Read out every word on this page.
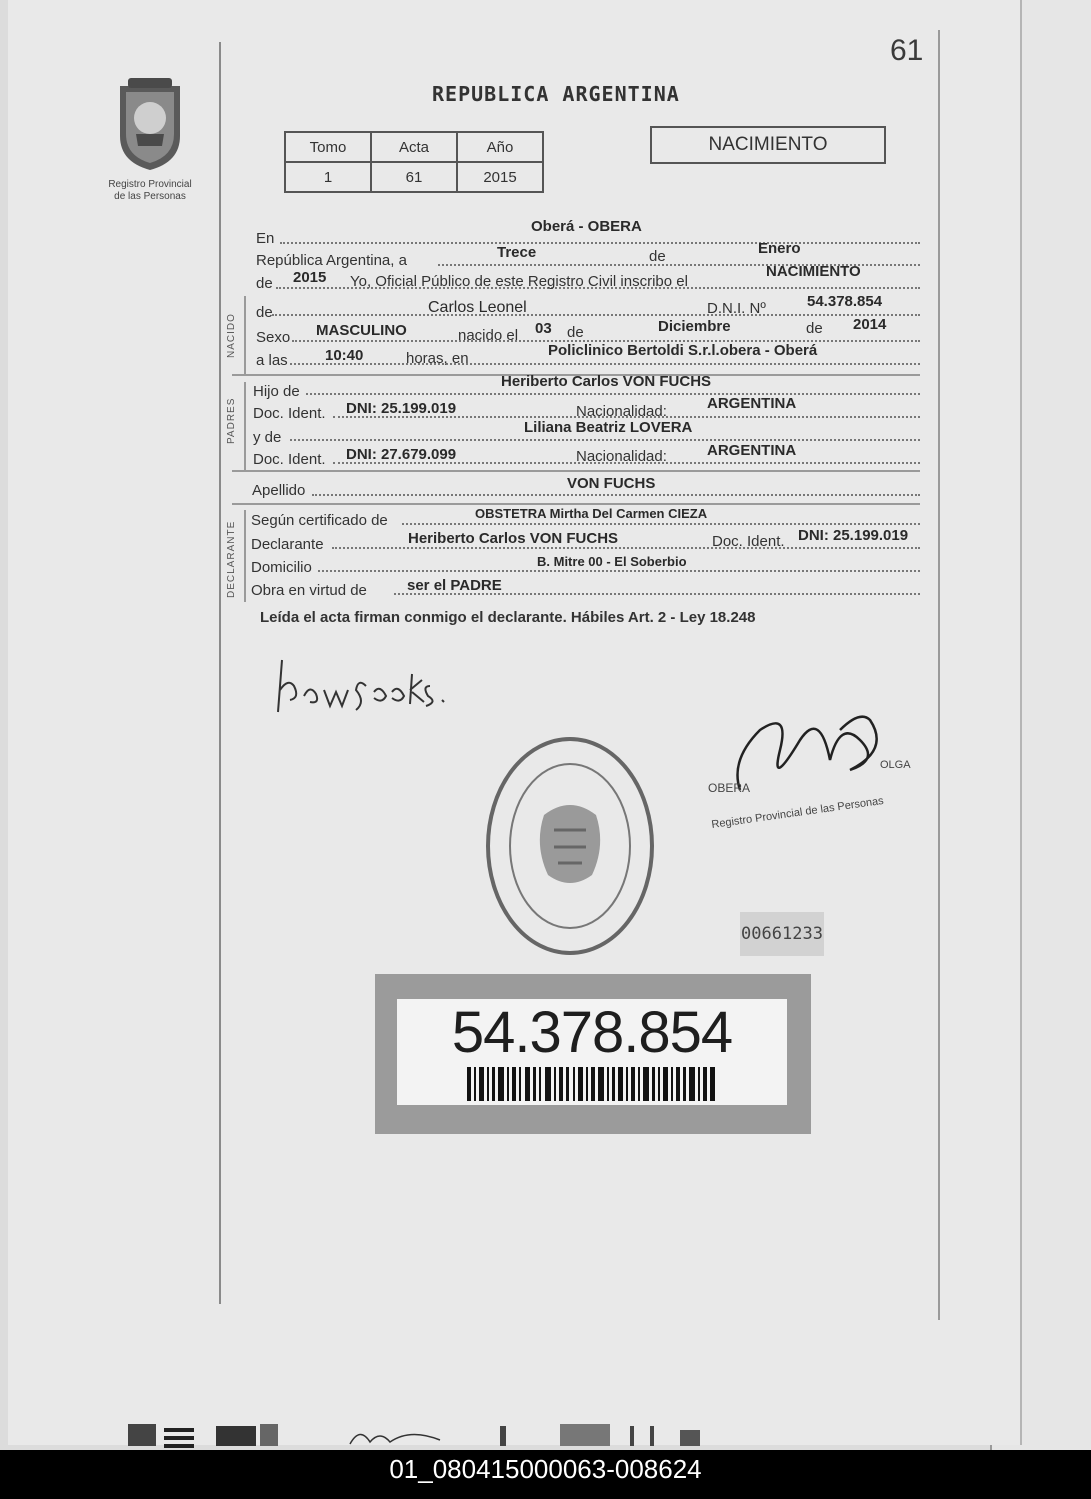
61
Registro Provincial
de las Personas
REPUBLICA ARGENTINA
Tomo	Acta	Año
1	61	2015
NACIMIENTO
En
Oberá - OBERA
República Argentina, a	Trece	de	Enero
de 2015 Yo, Oficial Público de este Registro Civil inscribo el
NACIMIENTO
NACIDO
de	Carlos Leonel	D.N.I. Nº	54.378.854
Sexo MASCULINO	nacido el 03 de	Diciembre	de 2014
a las 10:40	horas, en	Policlinico Bertoldi S.r.l.obera - Oberá
PADRES
Hijo de
Heriberto Carlos VON FUCHS
Doc. Ident. DNI: 25.199.019	Nacionalidad:	ARGENTINA
y de
Liliana Beatriz LOVERA
Doc. Ident. DNI: 27.679.099	Nacionalidad:	ARGENTINA
Apellido	VON FUCHS
DECLARANTE
Según certificado de	OBSTETRA Mirtha Del Carmen CIEZA
Declarante	Heriberto Carlos VON FUCHS	Doc. Ident. DNI: 25.199.019
Domicilio	B. Mitre 00 - El Soberbio
Obra en virtud de	ser el PADRE
Leída el acta firman conmigo el declarante. Hábiles Art. 2 - Ley 18.248
OBERA
OLGA
Registro Provincial de las Personas
00661233
54.378.854
01_080415000063-008624
